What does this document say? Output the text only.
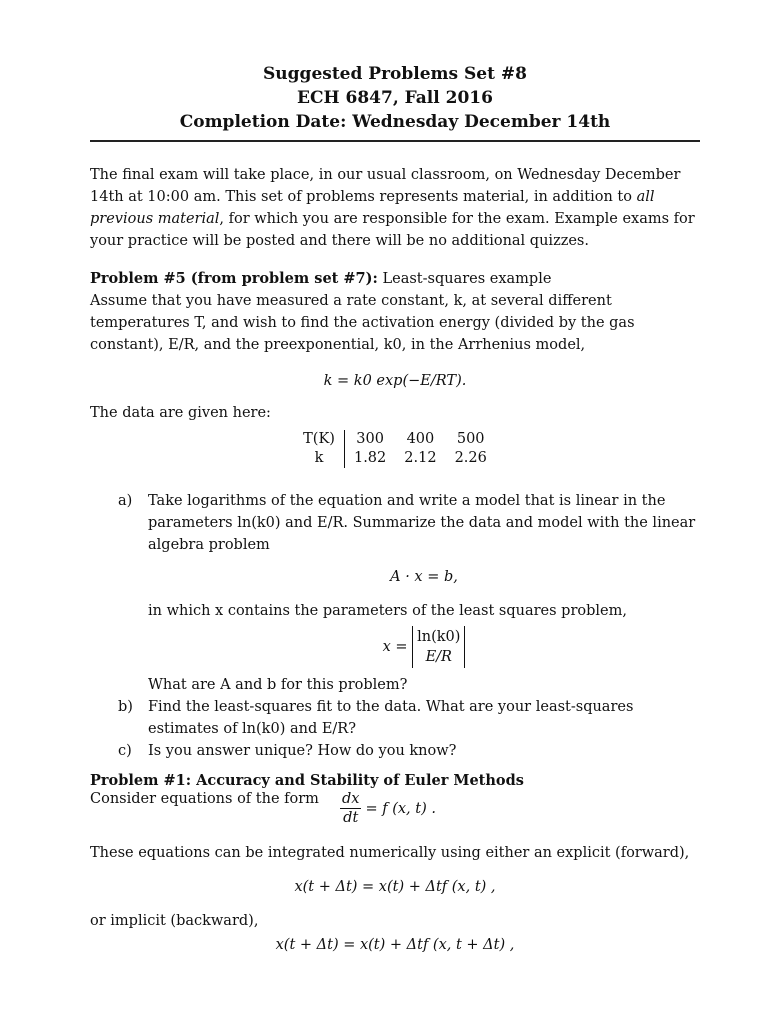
Suggested Problems Set #8
ECH 6847, Fall 2016
Completion Date: Wednesday December 14th

The final exam will take place, in our usual classroom, on Wednesday December 14th at 10:00 am. This set of problems represents material, in addition to all previous material, for which you are responsible for the exam. Example exams for your practice will be posted and there will be no additional quizzes.

Problem #5 (from problem set #7): Least-squares example

Assume that you have measured a rate constant, k, at several different temperatures T, and wish to find the activation energy (divided by the gas constant), E/R, and the preexponential, k0, in the Arrhenius model,

k = k0 exp(−E/RT).

The data are given here:

T(K)	300	400	500
k	1.82	2.12	2.26
a) Take logarithms of the equation and write a model that is linear in the parameters ln(k0) and E/R. Summarize the data and model with the linear algebra problem

A · x = b,

in which x contains the parameters of the least squares problem,

x =
ln(k0)
E/R

What are A and b for this problem?

b) Find the least-squares fit to the data. What are your least-squares estimates of ln(k0) and E/R?

c) Is you answer unique? How do you know?

Problem #1: Accuracy and Stability of Euler Methods

Consider equations of the form $\frac{dx}{dt} = f$ (x, t) .

These equations can be integrated numerically using either an explicit (forward),

x(t + Δt) = x(t) + Δtf (x, t) ,

or implicit (backward),

x(t + Δt) = x(t) + Δtf (x, t + Δt) ,
